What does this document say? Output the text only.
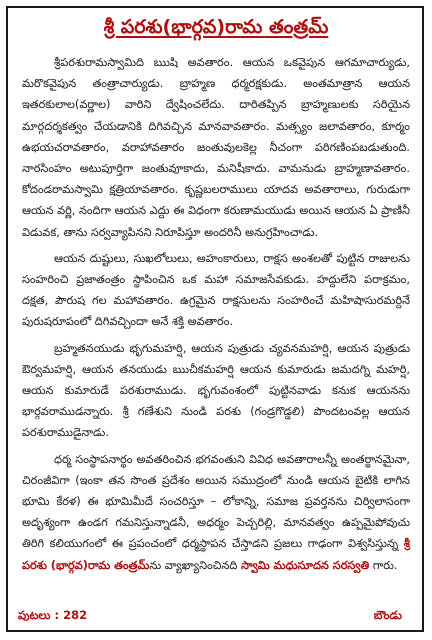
శ్రీ పరశు(భార్గవ)రామ తంత్రమ్

శ్రీపరశురామస్వామిది ఋషి అవతారం. ఆయన ఒకవైపున ఆగమాచార్యుడు, మరొకవైపున తంత్రాచార్యుడు. బ్రాహ్మణ ధర్మరక్షకుడు. అంతమాత్రాన ఆయన ఇతరకులాల(వర్ణాల) వారిని ద్వేషించలేదు. దారితప్పిన బ్రాహ్మణులకు సరియైన మార్గదర్శకత్వం చేయడానికి దిగివచ్చిన మానవావతారం. మత్స్యం జలావతారం, కూర్మం ఉభయచరావతారం, వరాహావతారం జంతువులకెల్ల నీచంగా పరిగణింపబడుతుంది. నారసింహం అటుపూర్తిగా జంతువూకాదు, మనిషీకాదు. వామనుడు బ్రాహ్మణావతారం. కోదండరామస్వామి క్షత్రియావతారం. కృష్ణబలరాములు యాదవ అవతారాలు, గురుడుగా ఆయన వర్ణి, నందిగా ఆయన ఎద్దు ఈ విధంగా కరుణామయుడు అయిన ఆయన ఏ ప్రాణినీ విడువక, తాను సర్వవ్యాపినని నిరూపిస్తూ అందరినీ అనుగ్రహించాడు.

ఆయన దుష్టులు, సుఖలోలులు, అహంకారులు, రాక్షస అంశలతో పుట్టిన రాజులను సంహరించి ప్రజాతంత్రం స్థాపించిన ఒక మహా సమాజసేవకుడు. హద్దులేని పరాక్రమం, దక్షత, పౌరుష గల మహావతారం. ఉగ్రమైన రాక్షసులను సంహరించే మహిషాసురమర్దినే పురుషరూపంలో దిగివచ్చిందా అనే శక్తి అవతారం.

బ్రహ్మతనయుడు భృగుమహర్షి, ఆయన పుత్రుడు చ్యవనమహర్షి, ఆయన పుత్రుడు ఔర్వమహర్షి, ఆయన తనయుడు ఋచీకమహర్షి ఆయన కుమారుడు జమదగ్ని మహర్షి, ఆయన కుమారుడే పరశురాముడు. భృగువంశంలో పుట్టినవాడు కనుక ఆయనను భార్గవరాముడన్నారు. శ్రీ గణేశుని నుండి పరశు (గండ్రగొడ్డలి) పొందటంవల్ల ఆయన పరశురాముడైనాడు.

ధర్మ సంస్థాపనార్థం అవతరించిన భగవంతుని వివిధ అవతారాలన్నీ అంతర్థానమైనా, చిరంజీవిగా (ఇంకా తన సొంత ప్రదేశం అయిన సముద్రంలో నుండి ఆయన బైటికి లాగిన భూమి కేరళ) ఈ భూమిమీదే సంచరిస్తూ – లోకాన్ని, సమాజ ప్రవర్తనను చిర్విలాసంగా అదృశ్యంగా ఉండగ గమనిస్తున్నాడనీ, అధర్మం పెచ్చరిల్లి, మానవత్వం ఉప్పమైపోవుచు తిరిగి కలియుగంలో ఈ ప్రపంచంలో ధర్మస్థాపన చేస్తాడని ప్రజలు గాఢంగా విశ్వసిస్తున్న శ్రీ పరశు (భార్గవ)రామ తంత్రమ్ను వ్యాఖ్యానించినది స్వామి మధుసూదన సరస్వతి గారు.

పుటలు : 282	బౌండు
